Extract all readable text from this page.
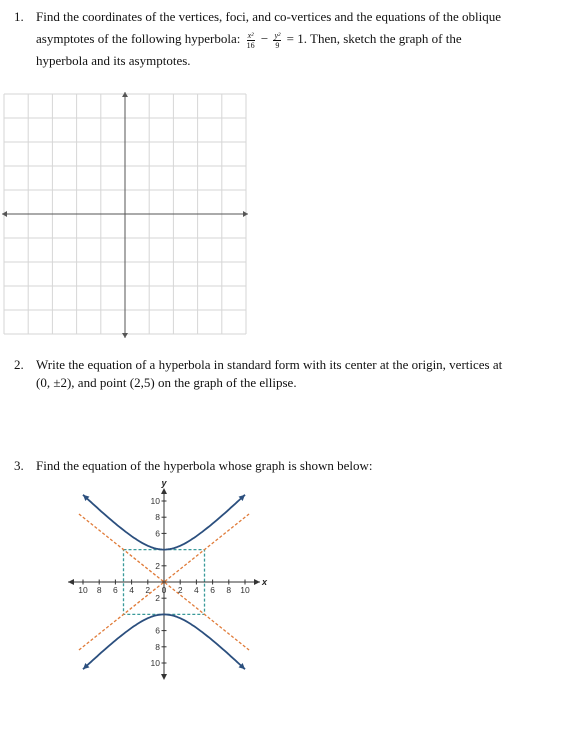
1. Find the coordinates of the vertices, foci, and co-vertices and the equations of the oblique
asymptotes of the following hyperbola: $\frac{\text{x²}}{16} - \frac{\text{y²}}{9} = 1$. Then, sketch the graph of the
hyperbola and its asymptotes.
2. Write the equation of a hyperbola in standard form with its center at the origin, vertices at
(0, ±2), and point (2,5) on the graph of the ellipse.
3. Find the equation of the hyperbola whose graph is shown below:
10 8 6 4 2 0 2 4 6 8 10
10
8
6
2
2
6
8
10
x
y
